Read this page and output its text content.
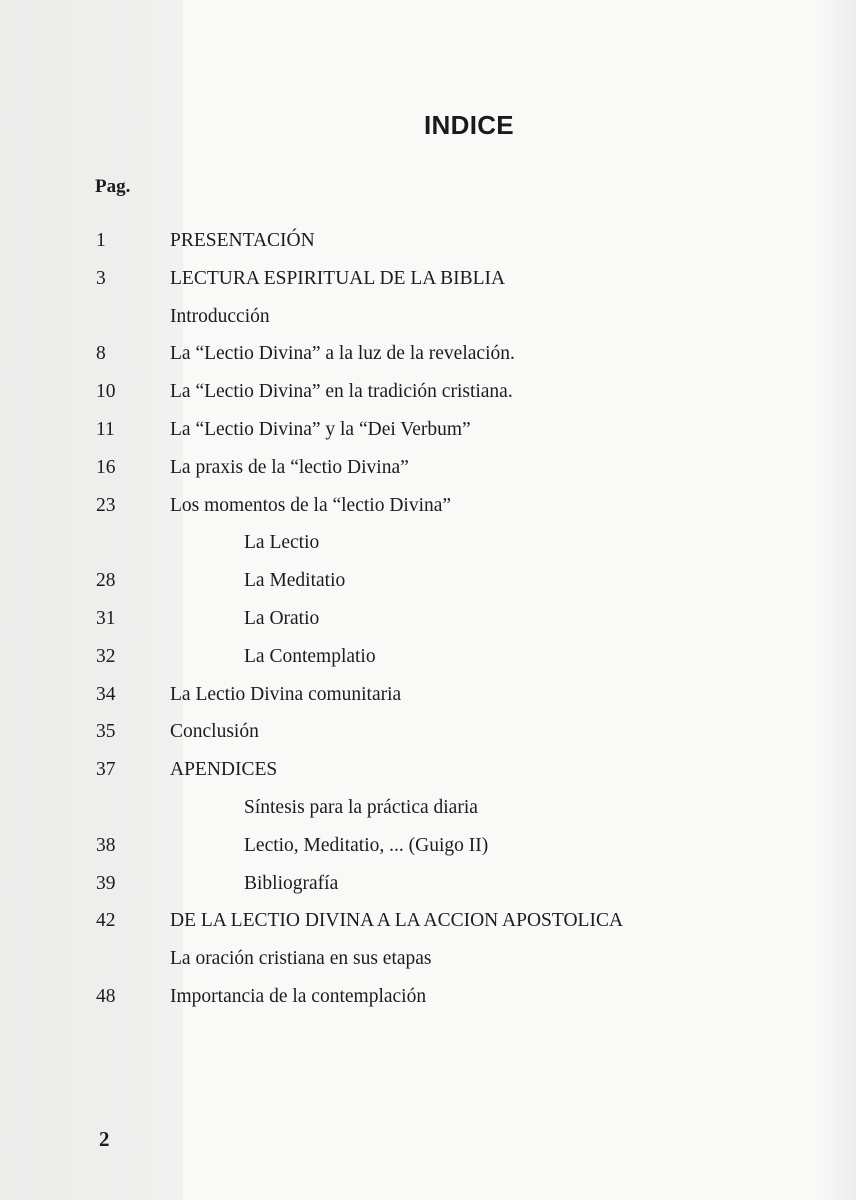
INDICE
Pag.
1	PRESENTACIÓN
3	LECTURA ESPIRITUAL DE LA BIBLIA
Introducción
8	La “Lectio Divina” a la luz de la revelación.
10	La “Lectio Divina” en la tradición cristiana.
11	La “Lectio Divina” y la “Dei Verbum”
16	La praxis de la “lectio Divina”
23	Los momentos de la “lectio Divina”
La Lectio
28	La Meditatio
31	La Oratio
32	La Contemplatio
34	La Lectio Divina comunitaria
35	Conclusión
37	APENDICES
Síntesis para la práctica diaria
38	Lectio, Meditatio, ... (Guigo II)
39	Bibliografía
42	DE LA LECTIO DIVINA A LA ACCION APOSTOLICA
La oración cristiana en sus etapas
48	Importancia de la contemplación
2
